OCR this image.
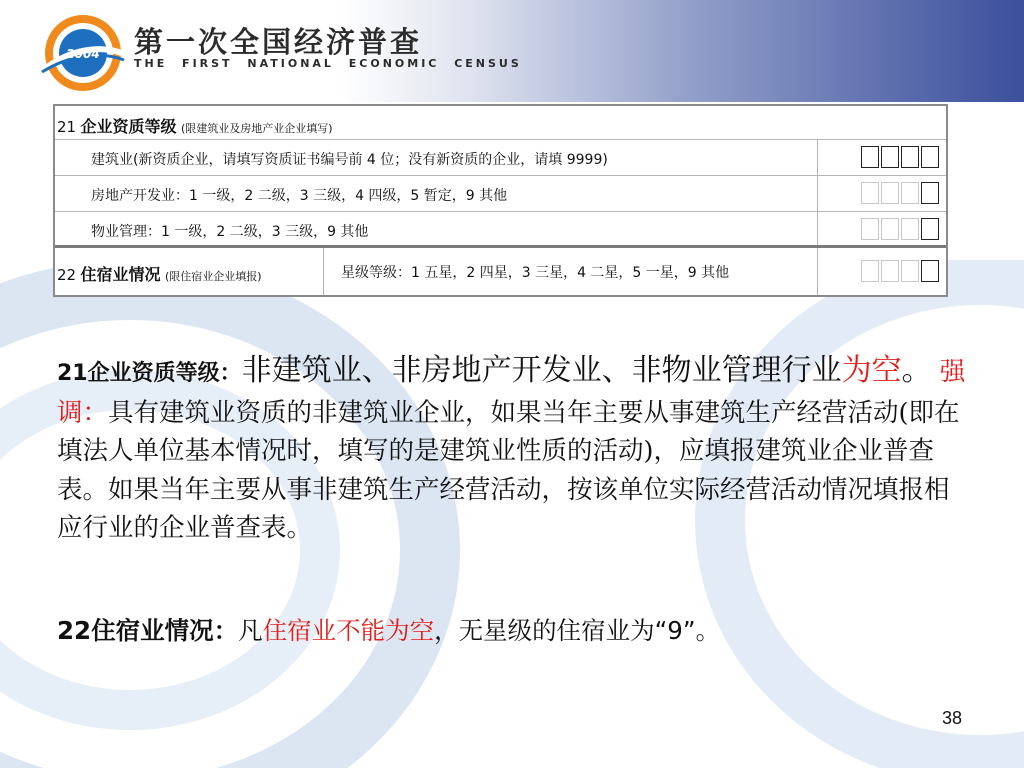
2004 第一次全国经济普查
THE FIRST NATIONAL ECONOMIC CENSUS
21 企业资质等级 (限建筑业及房地产业企业填写)
建筑业(新资质企业，请填写资质证书编号前 4 位；没有新资质的企业，请填 9999)
房地产开发业：1 一级，2 二级，3 三级，4 四级，5 暂定，9 其他
物业管理：1 一级，2 二级，3 三级，9 其他
22 住宿业情况 (限住宿业企业填报)	星级等级：1 五星，2 四星，3 三星，4 二星，5 一星，9 其他
21企业资质等级：非建筑业、非房地产开发业、非物业管理行业为空。 强调：具有建筑业资质的非建筑业企业，如果当年主要从事建筑生产经营活动(即在填法人单位基本情况时，填写的是建筑业性质的活动)，应填报建筑业企业普查表。如果当年主要从事非建筑生产经营活动，按该单位实际经营活动情况填报相应行业的企业普查表。
22住宿业情况：凡住宿业不能为空，无星级的住宿业为“9”。
38
